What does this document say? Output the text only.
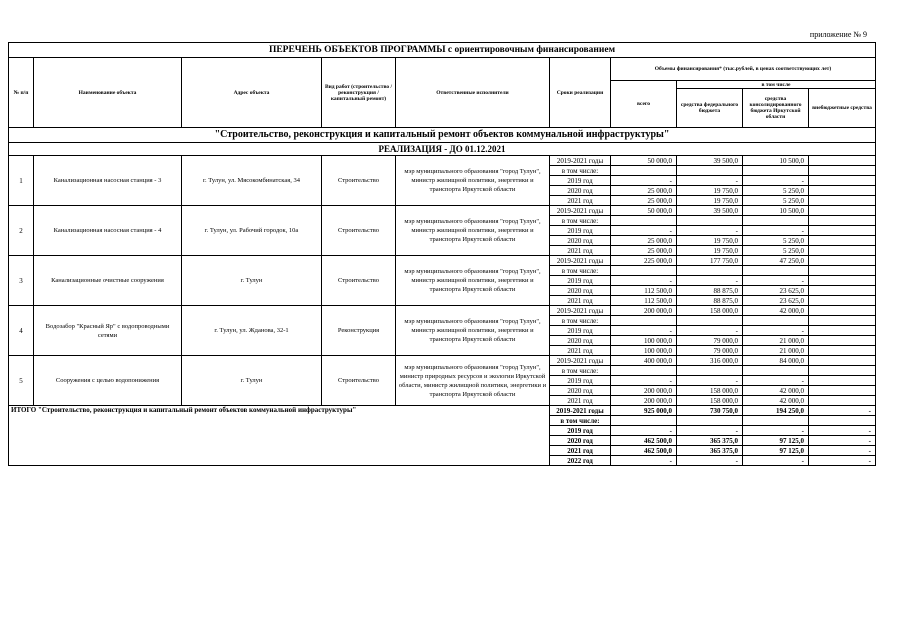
приложение № 9
ПЕРЕЧЕНЬ ОБЪЕКТОВ ПРОГРАММЫ с ориентировочным финансированием									
№ п/п	Наименование объекта	Адрес объекта	Вид работ (строительство /реконструкция /капитальный ремонт)	Ответственные исполнители	Сроки реализации	Объемы финансирования* (тыс.рублей, в ценах соответствующих лет)			
						всего	в том числе		
							средства федерального бюджета	средства консолидированного бюджета Иркутской области	внебюджетные средства
"Строительство, реконструкция и капитальный ремонт объектов коммунальной инфраструктуры"									
РЕАЛИЗАЦИЯ - ДО 01.12.2021									
1	Канализационная насосная станция - 3	г. Тулун, ул. Мясокомбинатская, 34	Строительство	мэр муниципального образования "город Тулун", министр жилищной политики, энергетики и транспорта Иркутской области	2019-2021 годы	50 000,0	39 500,0	10 500,0	
					в том числе:				
					2019 год	-	-	-	
					2020 год	25 000,0	19 750,0	5 250,0	
					2021 год	25 000,0	19 750,0	5 250,0	
2	Канализационная насосная станция - 4	г. Тулун, ул. Рабочий городок, 10а	Строительство	мэр муниципального образования "город Тулун", министр жилищной политики, энергетики и транспорта Иркутской области	2019-2021 годы	50 000,0	39 500,0	10 500,0	
					в том числе:				
					2019 год	-	-	-	
					2020 год	25 000,0	19 750,0	5 250,0	
					2021 год	25 000,0	19 750,0	5 250,0	
3	Канализационные очистные сооружения	г. Тулун	Строительство	мэр муниципального образования "город Тулун", министр жилищной политики, энергетики и транспорта Иркутской области	2019-2021 годы	225 000,0	177 750,0	47 250,0	
					в том числе:				
					2019 год	-	-	-	
					2020 год	112 500,0	88 875,0	23 625,0	
					2021 год	112 500,0	88 875,0	23 625,0	
4	Водозабор "Красный Яр" с водопроводными сетями	г. Тулун, ул. Жданова, 32-1	Реконструкция	мэр муниципального образования "город Тулун", министр жилищной политики, энергетики и транспорта Иркутской области	2019-2021 годы	200 000,0	158 000,0	42 000,0	
					в том числе:				
					2019 год	-	-	-	
					2020 год	100 000,0	79 000,0	21 000,0	
					2021 год	100 000,0	79 000,0	21 000,0	
5	Сооружения с целью водопонижения	г. Тулун	Строительство	мэр муниципального образования "город Тулун", министр природных ресурсов и экологии Иркутской области, министр жилищной политики, энергетики и транспорта Иркутской области	2019-2021 годы	400 000,0	316 000,0	84 000,0	
					в том числе:				
					2019 год	-	-	-	
					2020 год	200 000,0	158 000,0	42 000,0	
					2021 год	200 000,0	158 000,0	42 000,0	
ИТОГО "Строительство, реконструкция и капитальный ремонт объектов коммунальной инфраструктуры"					2019-2021 годы	925 000,0	730 750,0	194 250,0	-
					в том числе:				
					2019 год	-	-	-	-
					2020 год	462 500,0	365 375,0	97 125,0	-
					2021 год	462 500,0	365 375,0	97 125,0	-
					2022 год	-	-	-	-
